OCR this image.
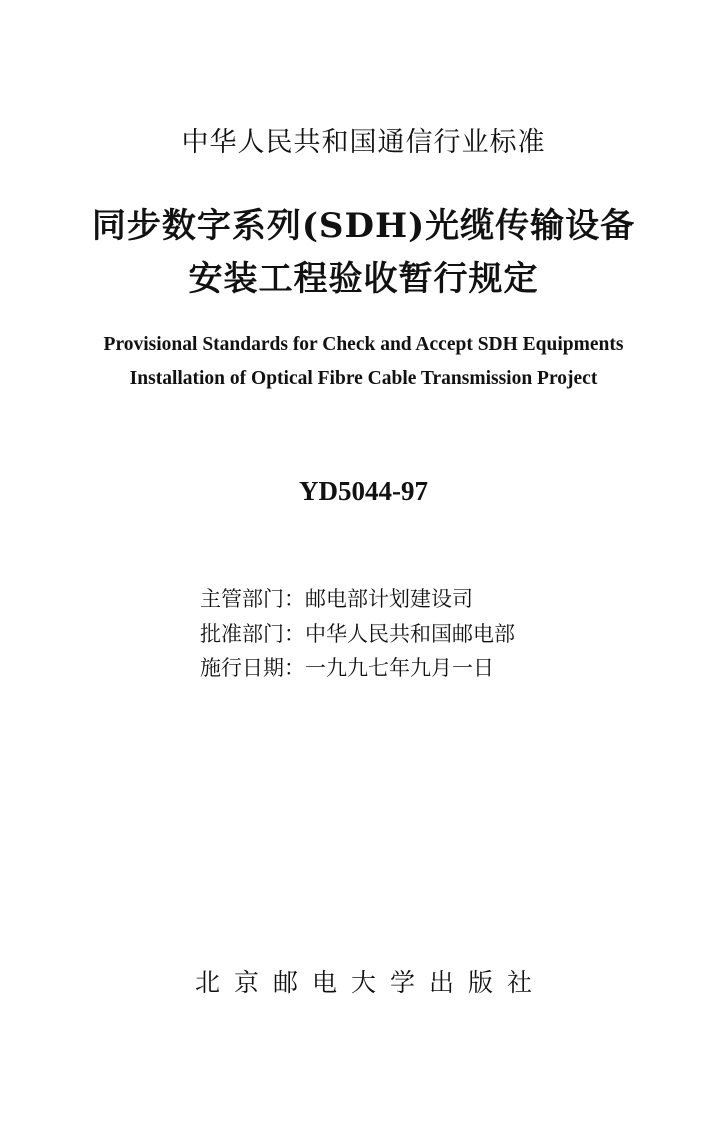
中华人民共和国通信行业标准
同步数字系列(SDH)光缆传输设备
安装工程验收暂行规定
Provisional Standards for Check and Accept SDH Equipments
Installation of Optical Fibre Cable Transmission Project
YD5044-97
主管部门：邮电部计划建设司
批准部门：中华人民共和国邮电部
施行日期：一九九七年九月一日
北京邮电大学出版社
